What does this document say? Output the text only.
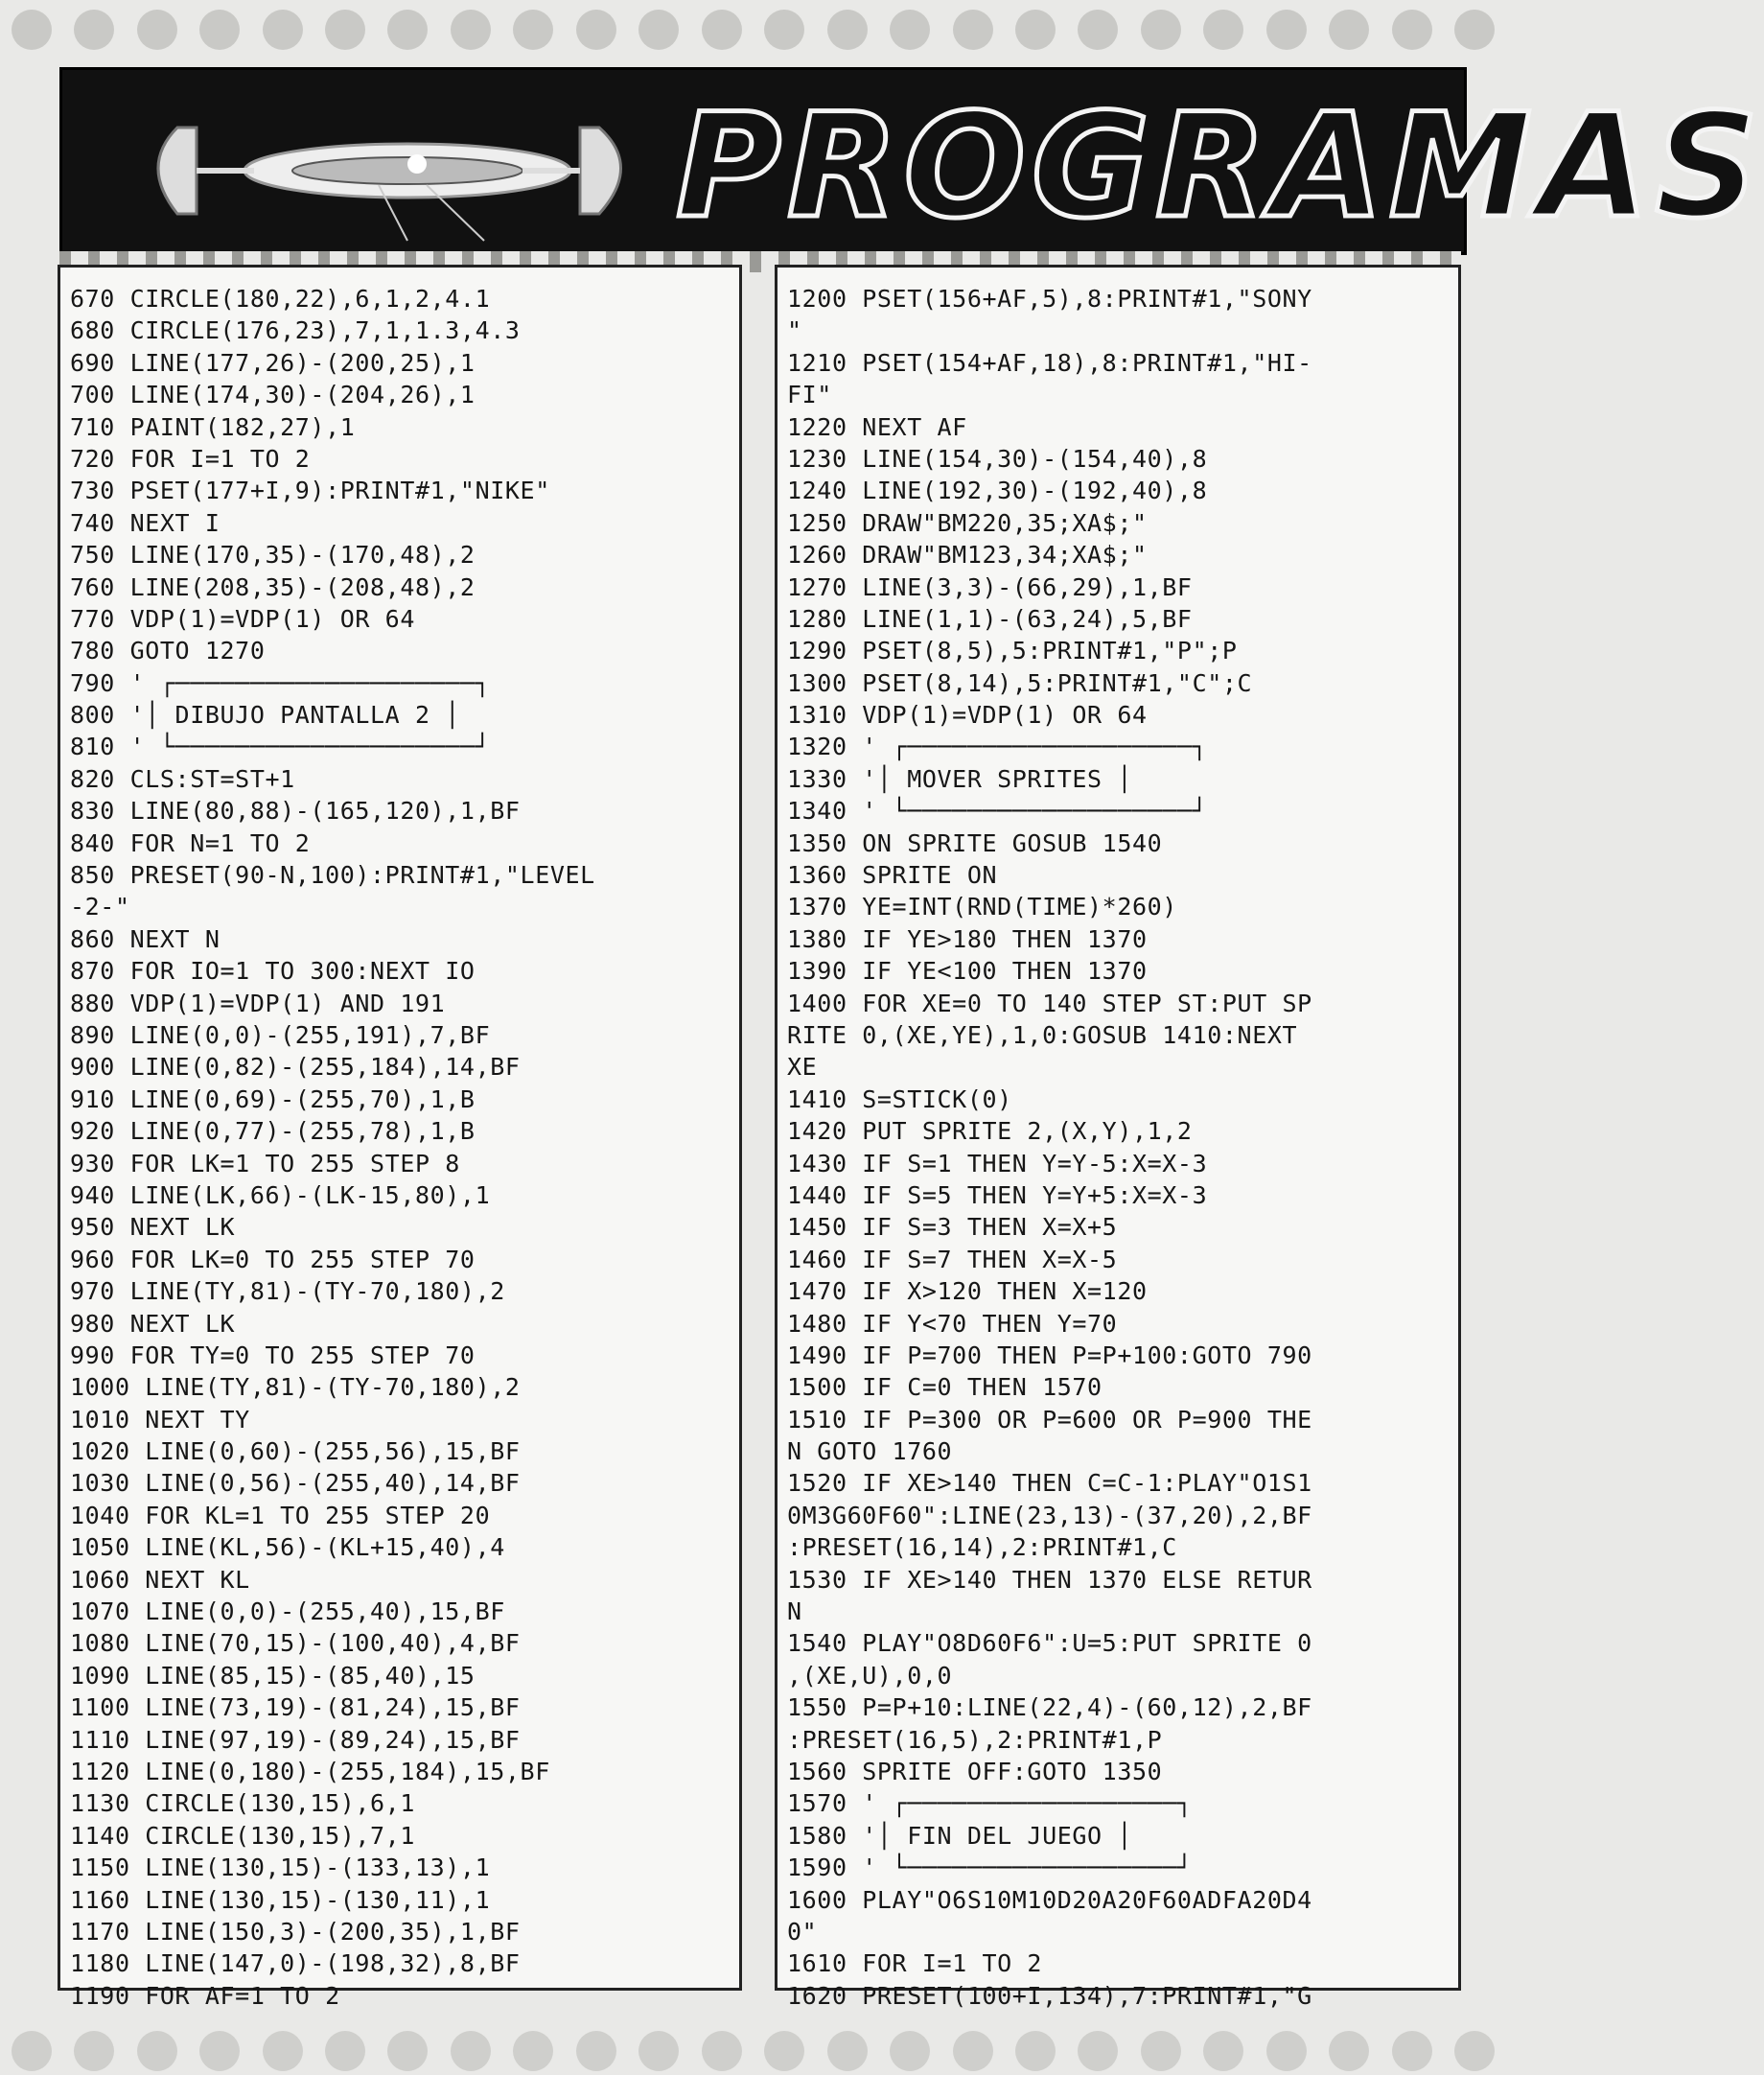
PROGRAMAS
670 CIRCLE(180,22),6,1,2,4.1
680 CIRCLE(176,23),7,1,1.3,4.3
690 LINE(177,26)-(200,25),1
700 LINE(174,30)-(204,26),1
710 PAINT(182,27),1
720 FOR I=1 TO 2
730 PSET(177+I,9):PRINT#1,"NIKE"
740 NEXT I
750 LINE(170,35)-(170,48),2
760 LINE(208,35)-(208,48),2
770 VDP(1)=VDP(1) OR 64
780 GOTO 1270
790 ' ┌────────────────────┐
800 '│ DIBUJO PANTALLA 2 │
810 ' └────────────────────┘
820 CLS:ST=ST+1
830 LINE(80,88)-(165,120),1,BF
840 FOR N=1 TO 2
850 PRESET(90-N,100):PRINT#1,"LEVEL
-2-"
860 NEXT N
870 FOR IO=1 TO 300:NEXT IO
880 VDP(1)=VDP(1) AND 191
890 LINE(0,0)-(255,191),7,BF
900 LINE(0,82)-(255,184),14,BF
910 LINE(0,69)-(255,70),1,B
920 LINE(0,77)-(255,78),1,B
930 FOR LK=1 TO 255 STEP 8
940 LINE(LK,66)-(LK-15,80),1
950 NEXT LK
960 FOR LK=0 TO 255 STEP 70
970 LINE(TY,81)-(TY-70,180),2
980 NEXT LK
990 FOR TY=0 TO 255 STEP 70
1000 LINE(TY,81)-(TY-70,180),2
1010 NEXT TY
1020 LINE(0,60)-(255,56),15,BF
1030 LINE(0,56)-(255,40),14,BF
1040 FOR KL=1 TO 255 STEP 20
1050 LINE(KL,56)-(KL+15,40),4
1060 NEXT KL
1070 LINE(0,0)-(255,40),15,BF
1080 LINE(70,15)-(100,40),4,BF
1090 LINE(85,15)-(85,40),15
1100 LINE(73,19)-(81,24),15,BF
1110 LINE(97,19)-(89,24),15,BF
1120 LINE(0,180)-(255,184),15,BF
1130 CIRCLE(130,15),6,1
1140 CIRCLE(130,15),7,1
1150 LINE(130,15)-(133,13),1
1160 LINE(130,15)-(130,11),1
1170 LINE(150,3)-(200,35),1,BF
1180 LINE(147,0)-(198,32),8,BF
1190 FOR AF=1 TO 2
1200 PSET(156+AF,5),8:PRINT#1,"SONY
"
1210 PSET(154+AF,18),8:PRINT#1,"HI-
FI"
1220 NEXT AF
1230 LINE(154,30)-(154,40),8
1240 LINE(192,30)-(192,40),8
1250 DRAW"BM220,35;XA$;"
1260 DRAW"BM123,34;XA$;"
1270 LINE(3,3)-(66,29),1,BF
1280 LINE(1,1)-(63,24),5,BF
1290 PSET(8,5),5:PRINT#1,"P";P
1300 PSET(8,14),5:PRINT#1,"C";C
1310 VDP(1)=VDP(1) OR 64
1320 ' ┌───────────────────┐
1330 '│ MOVER SPRITES │
1340 ' └───────────────────┘
1350 ON SPRITE GOSUB 1540
1360 SPRITE ON
1370 YE=INT(RND(TIME)*260)
1380 IF YE>180 THEN 1370
1390 IF YE<100 THEN 1370
1400 FOR XE=0 TO 140 STEP ST:PUT SP
RITE 0,(XE,YE),1,0:GOSUB 1410:NEXT
XE
1410 S=STICK(0)
1420 PUT SPRITE 2,(X,Y),1,2
1430 IF S=1 THEN Y=Y-5:X=X-3
1440 IF S=5 THEN Y=Y+5:X=X-3
1450 IF S=3 THEN X=X+5
1460 IF S=7 THEN X=X-5
1470 IF X>120 THEN X=120
1480 IF Y<70 THEN Y=70
1490 IF P=700 THEN P=P+100:GOTO 790
1500 IF C=0 THEN 1570
1510 IF P=300 OR P=600 OR P=900 THE
N GOTO 1760
1520 IF XE>140 THEN C=C-1:PLAY"O1S1
0M3G60F60":LINE(23,13)-(37,20),2,BF
:PRESET(16,14),2:PRINT#1,C
1530 IF XE>140 THEN 1370 ELSE RETUR
N
1540 PLAY"O8D60F6":U=5:PUT SPRITE 0
,(XE,U),0,0
1550 P=P+10:LINE(22,4)-(60,12),2,BF
:PRESET(16,5),2:PRINT#1,P
1560 SPRITE OFF:GOTO 1350
1570 ' ┌──────────────────┐
1580 '│ FIN DEL JUEGO │
1590 ' └──────────────────┘
1600 PLAY"O6S10M10D20A20F60ADFA20D4
0"
1610 FOR I=1 TO 2
1620 PRESET(100+I,134),7:PRINT#1,"G
